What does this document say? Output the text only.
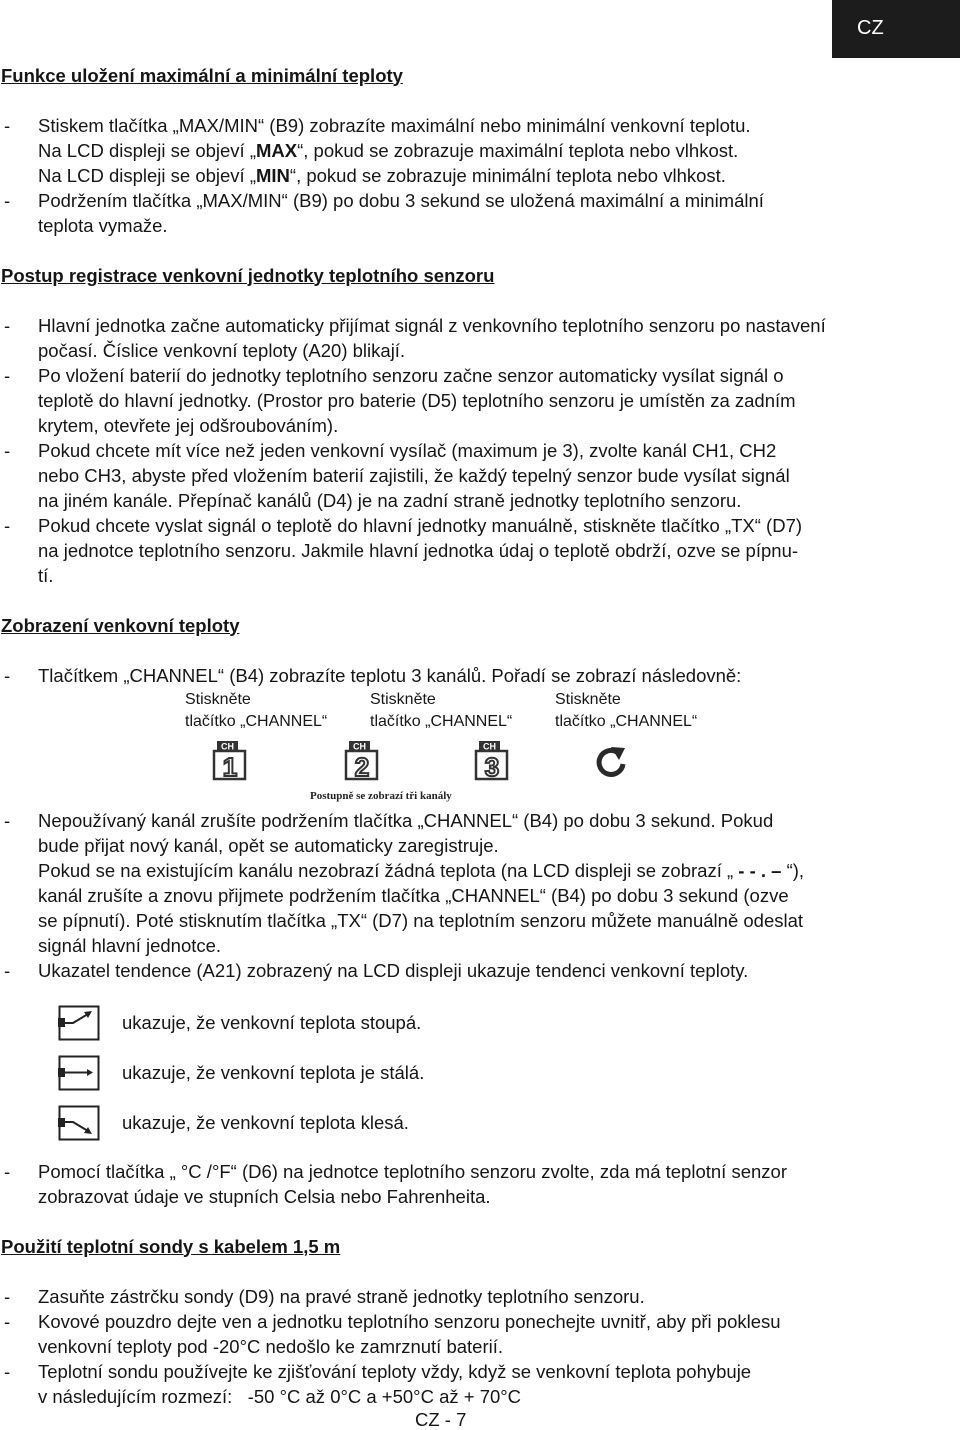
CZ
Funkce uložení maximální a minimální teploty
- Stiskem tlačítka „MAX/MIN“ (B9) zobrazíte maximální nebo minimální venkovní teplotu.
Na LCD displeji se objeví „MAX“, pokud se zobrazuje maximální teplota nebo vlhkost.
Na LCD displeji se objeví „MIN“, pokud se zobrazuje minimální teplota nebo vlhkost.
- Podržením tlačítka „MAX/MIN“ (B9) po dobu 3 sekund se uložená maximální a minimální
teplota vymaže.
Postup registrace venkovní jednotky teplotního senzoru
- Hlavní jednotka začne automaticky přijímat signál z venkovního teplotního senzoru po nastavení
počasí. Číslice venkovní teploty (A20) blikají.
- Po vložení baterií do jednotky teplotního senzoru začne senzor automaticky vysílat signál o
teplotě do hlavní jednotky. (Prostor pro baterie (D5) teplotního senzoru je umístěn za zadním
krytem, otevřete jej odšroubováním).
- Pokud chcete mít více než jeden venkovní vysílač (maximum je 3), zvolte kanál CH1, CH2
nebo CH3, abyste před vložením baterií zajistili, že každý tepelný senzor bude vysílat signál
na jiném kanále. Přepínač kanálů (D4) je na zadní straně jednotky teplotního senzoru.
- Pokud chcete vyslat signál o teplotě do hlavní jednotky manuálně, stiskněte tlačítko „TX“ (D7)
na jednotce teplotního senzoru. Jakmile hlavní jednotka údaj o teplotě obdrží, ozve se pípnu-
tí.
Zobrazení venkovní teploty
- Tlačítkem „CHANNEL“ (B4) zobrazíte teplotu 3 kanálů. Pořadí se zobrazí následovně:
Stiskněte
tlačítko „CHANNEL“
Stiskněte
tlačítko „CHANNEL“
Stiskněte
tlačítko „CHANNEL“
CH
1
CH
2
CH
3
Postupně se zobrazí tři kanály
- Nepoužívaný kanál zrušíte podržením tlačítka „CHANNEL“ (B4) po dobu 3 sekund. Pokud
bude přijat nový kanál, opět se automaticky zaregistruje.
Pokud se na existujícím kanálu nezobrazí žádná teplota (na LCD displeji se zobrazí „ - - . – “),
kanál zrušíte a znovu přijmete podržením tlačítka „CHANNEL“ (B4) po dobu 3 sekund (ozve
se pípnutí). Poté stisknutím tlačítka „TX“ (D7) na teplotním senzoru můžete manuálně odeslat
signál hlavní jednotce.
- Ukazatel tendence (A21) zobrazený na LCD displeji ukazuje tendenci venkovní teploty.
ukazuje, že venkovní teplota stoupá.
ukazuje, že venkovní teplota je stálá.
ukazuje, že venkovní teplota klesá.
- Pomocí tlačítka „ °C /°F“ (D6) na jednotce teplotního senzoru zvolte, zda má teplotní senzor
zobrazovat údaje ve stupních Celsia nebo Fahrenheita.
Použití teplotní sondy s kabelem 1,5 m
- Zasuňte zástrčku sondy (D9) na pravé straně jednotky teplotního senzoru.
- Kovové pouzdro dejte ven a jednotku teplotního senzoru ponechejte uvnitř, aby při poklesu
venkovní teploty pod -20°C nedošlo ke zamrznutí baterií.
- Teplotní sondu používejte ke zjišťování teploty vždy, když se venkovní teplota pohybuje
v následujícím rozmezí:   -50 °C až 0°C a +50°C až + 70°C
CZ - 7
